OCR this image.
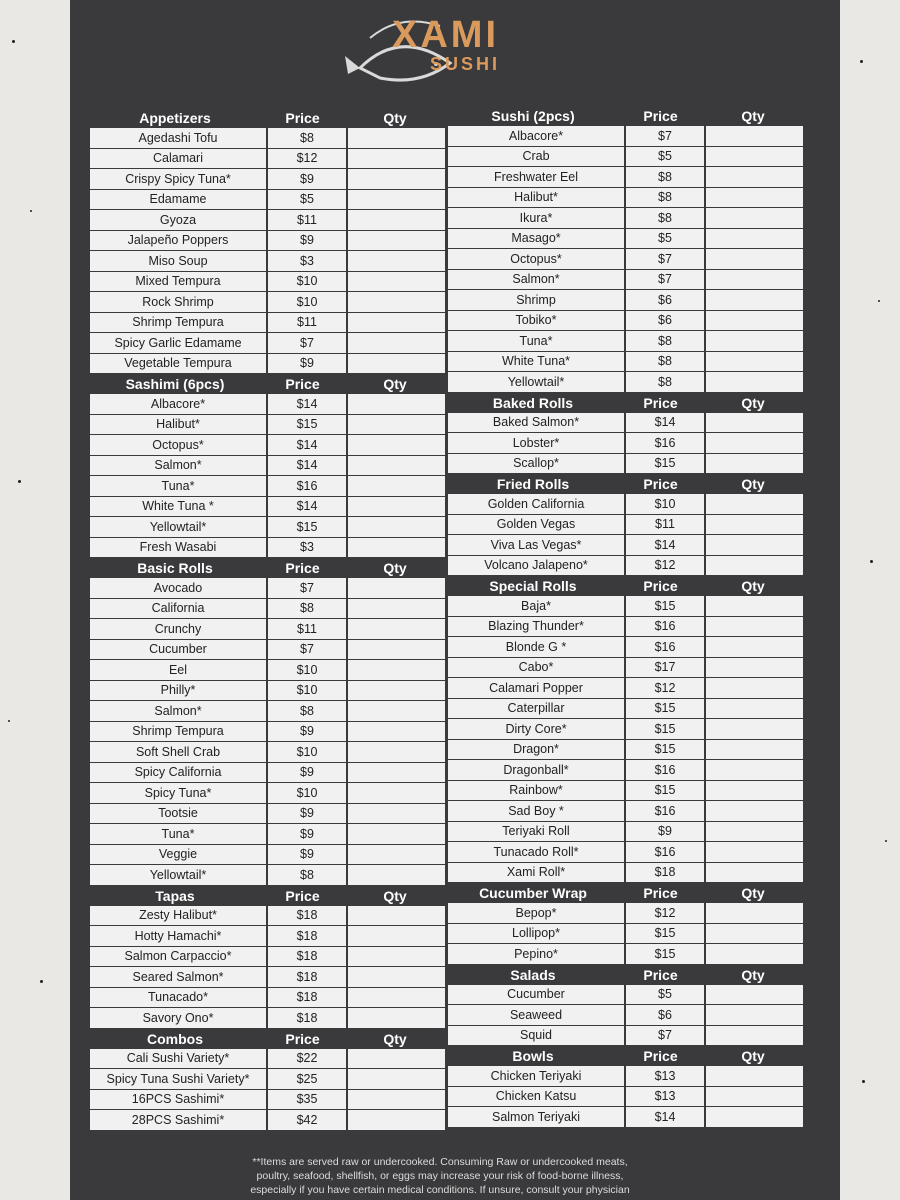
XAMI
SUSHI
Appetizers	Price	Qty
Agedashi Tofu	$8
Calamari	$12
Crispy Spicy Tuna*	$9
Edamame	$5
Gyoza	$11
Jalapeño Poppers	$9
Miso Soup	$3
Mixed Tempura	$10
Rock Shrimp	$10
Shrimp Tempura	$11
Spicy Garlic Edamame	$7
Vegetable Tempura	$9
Sashimi (6pcs)	Price	Qty
Albacore*	$14
Halibut*	$15
Octopus*	$14
Salmon*	$14
Tuna*	$16
White Tuna *	$14
Yellowtail*	$15
Fresh Wasabi	$3
Basic Rolls	Price	Qty
Avocado	$7
California	$8
Crunchy	$11
Cucumber	$7
Eel	$10
Philly*	$10
Salmon*	$8
Shrimp Tempura	$9
Soft Shell Crab	$10
Spicy California	$9
Spicy Tuna*	$10
Tootsie	$9
Tuna*	$9
Veggie	$9
Yellowtail*	$8
Tapas	Price	Qty
Zesty Halibut*	$18
Hotty Hamachi*	$18
Salmon Carpaccio*	$18
Seared Salmon*	$18
Tunacado*	$18
Savory Ono*	$18
Combos	Price	Qty
Cali Sushi Variety*	$22
Spicy Tuna Sushi Variety*	$25
16PCS Sashimi*	$35
28PCS Sashimi*	$42
Sushi (2pcs)	Price	Qty
Albacore*	$7
Crab	$5
Freshwater Eel	$8
Halibut*	$8
Ikura*	$8
Masago*	$5
Octopus*	$7
Salmon*	$7
Shrimp	$6
Tobiko*	$6
Tuna*	$8
White Tuna*	$8
Yellowtail*	$8
Baked Rolls	Price	Qty
Baked Salmon*	$14
Lobster*	$16
Scallop*	$15
Fried Rolls	Price	Qty
Golden California	$10
Golden Vegas	$11
Viva Las Vegas*	$14
Volcano Jalapeno*	$12
Special Rolls	Price	Qty
Baja*	$15
Blazing Thunder*	$16
Blonde G *	$16
Cabo*	$17
Calamari Popper	$12
Caterpillar	$15
Dirty Core*	$15
Dragon*	$15
Dragonball*	$16
Rainbow*	$15
Sad Boy *	$16
Teriyaki Roll	$9
Tunacado Roll*	$16
Xami Roll*	$18
Cucumber Wrap	Price	Qty
Bepop*	$12
Lollipop*	$15
Pepino*	$15
Salads	Price	Qty
Cucumber	$5
Seaweed	$6
Squid	$7
Bowls	Price	Qty
Chicken Teriyaki	$13
Chicken Katsu	$13
Salmon Teriyaki	$14
**Items are served raw or undercooked. Consuming Raw or undercooked meats,
poultry, seafood, shellfish, or eggs may increase your risk of food-borne illness,
especially if you have certain medical conditions. If unsure, consult your physician
